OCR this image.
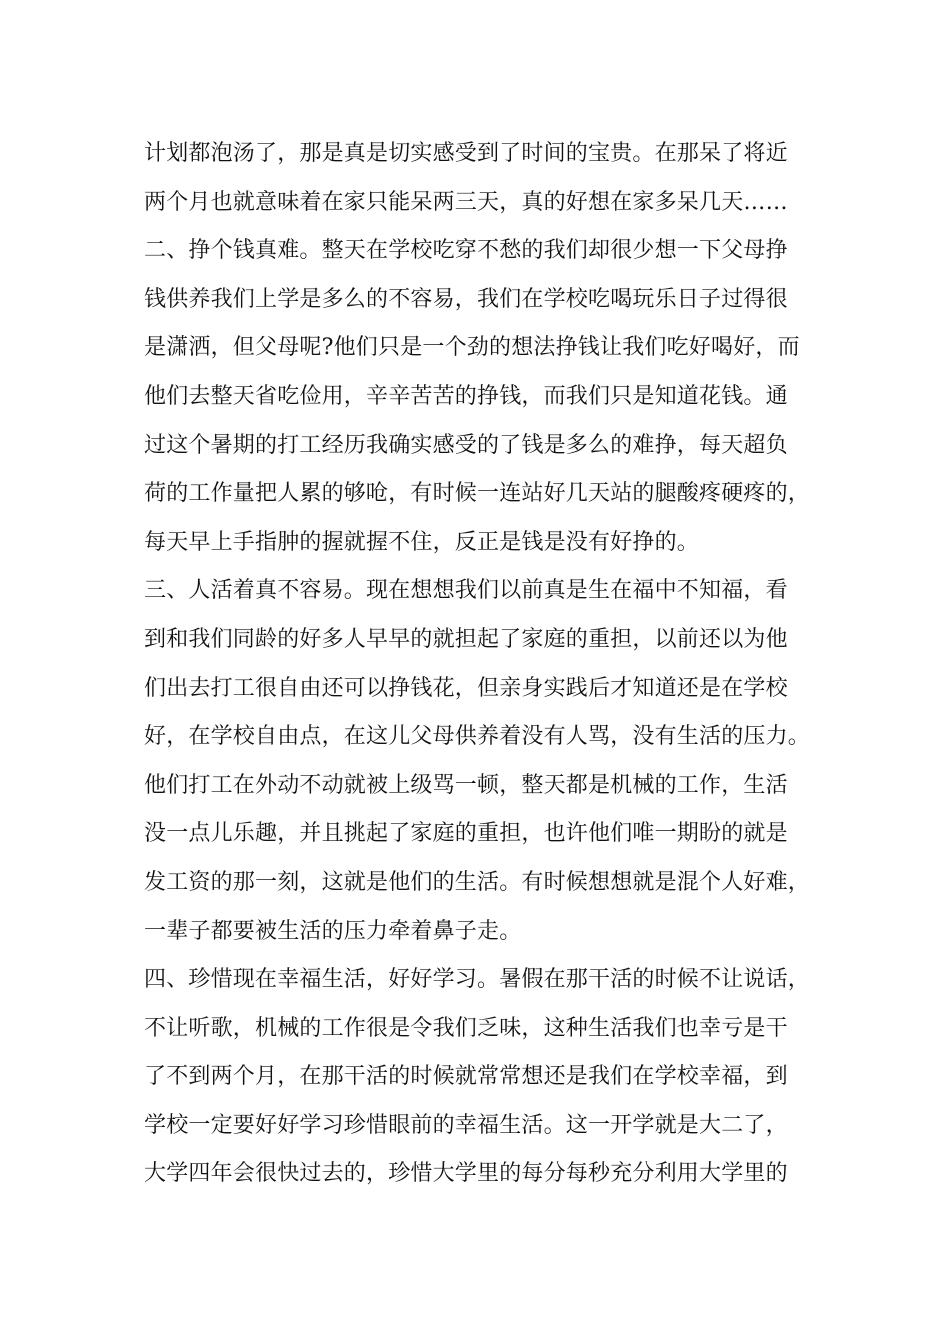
计划都泡汤了，那是真是切实感受到了时间的宝贵。在那呆了将近
两个月也就意味着在家只能呆两三天，真的好想在家多呆几天……
二、挣个钱真难。整天在学校吃穿不愁的我们却很少想一下父母挣
钱供养我们上学是多么的不容易，我们在学校吃喝玩乐日子过得很
是潇洒，但父母呢?他们只是一个劲的想法挣钱让我们吃好喝好，而
他们去整天省吃俭用，辛辛苦苦的挣钱，而我们只是知道花钱。通
过这个暑期的打工经历我确实感受的了钱是多么的难挣，每天超负
荷的工作量把人累的够呛，有时候一连站好几天站的腿酸疼硬疼的，
每天早上手指肿的握就握不住，反正是钱是没有好挣的。
三、人活着真不容易。现在想想我们以前真是生在福中不知福，看
到和我们同龄的好多人早早的就担起了家庭的重担，以前还以为他
们出去打工很自由还可以挣钱花，但亲身实践后才知道还是在学校
好，在学校自由点，在这儿父母供养着没有人骂，没有生活的压力。
他们打工在外动不动就被上级骂一顿，整天都是机械的工作，生活
没一点儿乐趣，并且挑起了家庭的重担，也许他们唯一期盼的就是
发工资的那一刻，这就是他们的生活。有时候想想就是混个人好难，
一辈子都要被生活的压力牵着鼻子走。
四、珍惜现在幸福生活，好好学习。暑假在那干活的时候不让说话，
不让听歌，机械的工作很是令我们乏味，这种生活我们也幸亏是干
了不到两个月，在那干活的时候就常常想还是我们在学校幸福，到
学校一定要好好学习珍惜眼前的幸福生活。这一开学就是大二了，
大学四年会很快过去的，珍惜大学里的每分每秒充分利用大学里的
